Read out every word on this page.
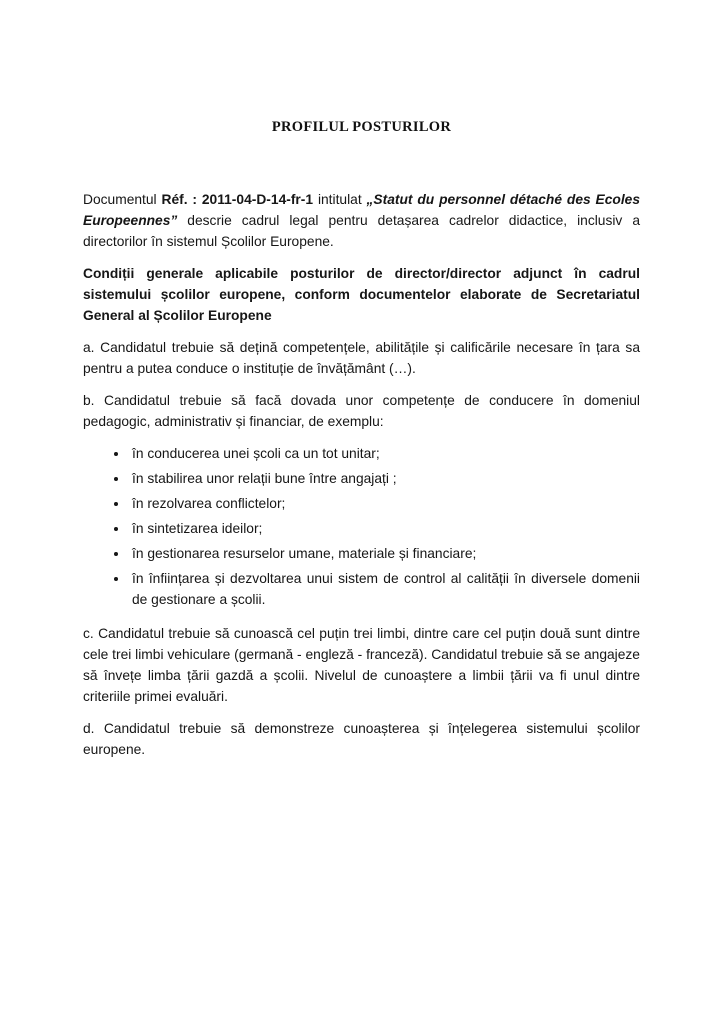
PROFILUL POSTURILOR

Documentul Réf. : 2011-04-D-14-fr-1 intitulat „Statut du personnel détaché des Ecoles Europeennes” descrie cadrul legal pentru detașarea cadrelor didactice, inclusiv a directorilor în sistemul Școlilor Europene.

Condiții generale aplicabile posturilor de director/director adjunct în cadrul sistemului școlilor europene, conform documentelor elaborate de Secretariatul General al Școlilor Europene

a. Candidatul trebuie să dețină competențele, abilitățile și calificările necesare în țara sa pentru a putea conduce o instituție de învățământ (…).

b. Candidatul trebuie să facă dovada unor competențe de conducere în domeniul pedagogic, administrativ și financiar, de exemplu:

• în conducerea unei școli ca un tot unitar;
• în stabilirea unor relații bune între angajați ;
• în rezolvarea conflictelor;
• în sintetizarea ideilor;
• în gestionarea resurselor umane, materiale și financiare;
• în înființarea și dezvoltarea unui sistem de control al calității în diversele domenii de gestionare a școlii.

c. Candidatul trebuie să cunoască cel puțin trei limbi, dintre care cel puțin două sunt dintre cele trei limbi vehiculare (germană - engleză - franceză). Candidatul trebuie să se angajeze să învețe limba țării gazdă a școlii. Nivelul de cunoaștere a limbii țării va fi unul dintre criteriile primei evaluări.

d. Candidatul trebuie să demonstreze cunoașterea și înțelegerea sistemului școlilor europene.
